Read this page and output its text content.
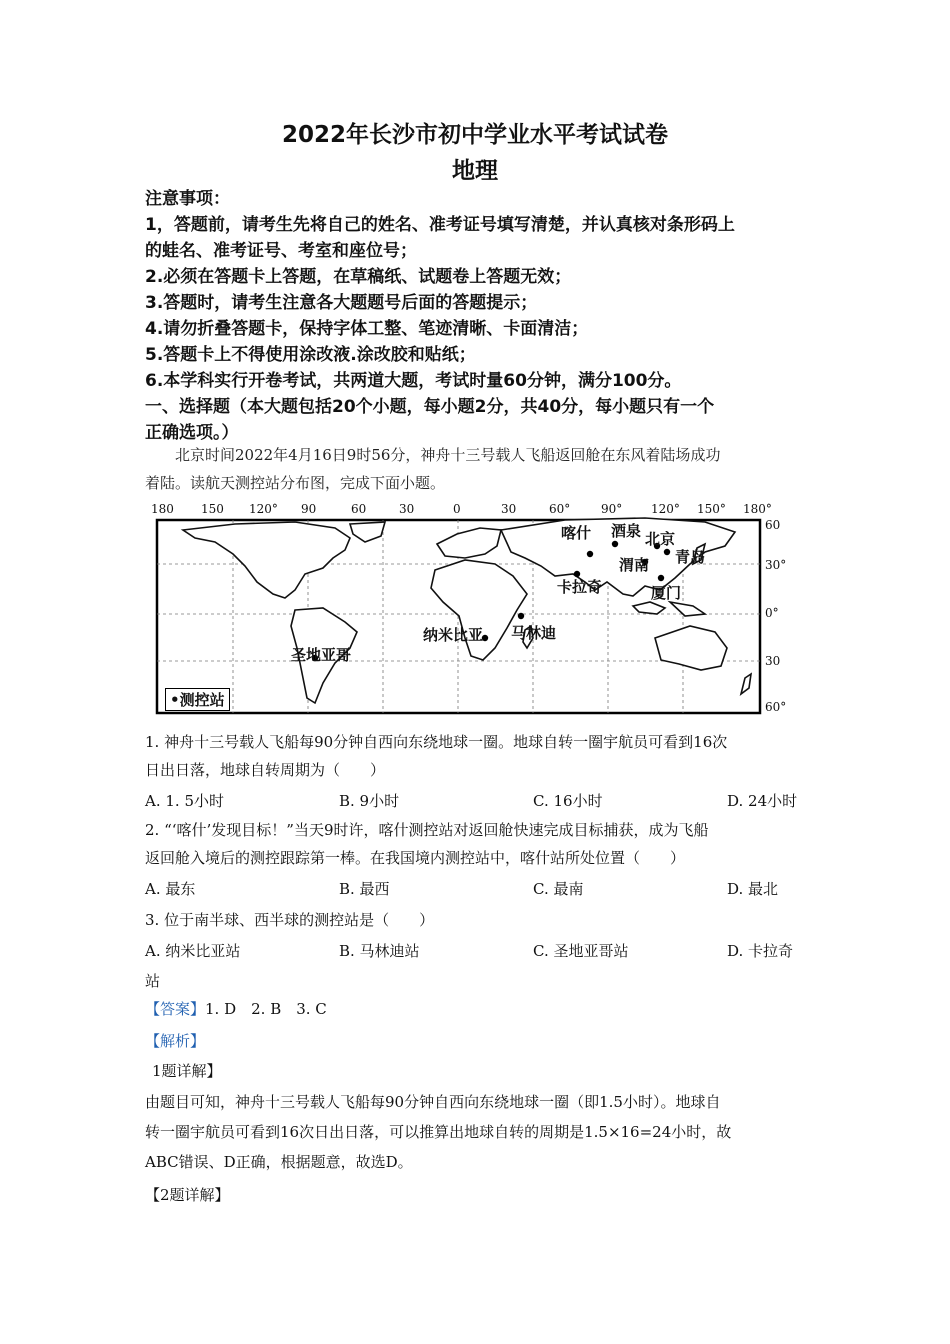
2022年长沙市初中学业水平考试试卷
地理
注意事项：
1，答题前，请考生先将自己的姓名、准考证号填写清楚，并认真核对条形码上
的蛙名、准考证号、考室和座位号；
2.必须在答题卡上答题，在草稿纸、试题卷上答题无效；
3.答题时，请考生注意各大题题号后面的答题提示；
4.请勿折叠答题卡，保持字体工整、笔迹清晰、卡面清洁；
5.答题卡上不得使用涂改液.涂改胶和贴纸；
6.本学科实行开卷考试，共两道大题，考试时量60分钟，满分100分。
一、选择题（本大题包括20个小题，每小题2分，共40分，每小题只有一个
正确选项。）
北京时间2022年4月16日9时56分，神舟十三号载人飞船返回舱在东风着陆场成功
着陆。读航天测控站分布图，完成下面小题。
180 150 120° 90	60	30	0	30	60°	90° 120° 150° 180°
60
30°
0°
30
60°
喀什 酒泉 北京
青岛
渭南
卡拉奇	厦门
纳米比亚 马林迪
圣地亚哥
•测控站
1. 神舟十三号载人飞船每90分钟自西向东绕地球一圈。地球自转一圈宇航员可看到16次
日出日落，地球自转周期为（　　）
A. 1. 5小时	B. 9小时	C. 16小时	D. 24小时
2. “‘喀什’发现目标！”当天9时许，喀什测控站对返回舱快速完成目标捕获，成为飞船
返回舱入境后的测控跟踪第一棒。在我国境内测控站中，喀什站所处位置（　　）
A. 最东	B. 最西	C. 最南	D. 最北
3. 位于南半球、西半球的测控站是（　　）
A. 纳米比亚站	B. 马林迪站	C. 圣地亚哥站	D. 卡拉奇
站
【答案】1. D　2. B　3. C
【解析】
1题详解】
由题目可知，神舟十三号载人飞船每90分钟自西向东绕地球一圈（即1.5小时）。地球自
转一圈宇航员可看到16次日出日落，可以推算出地球自转的周期是1.5×16=24小时，故
ABC错误、D正确，根据题意，故选D。
【2题详解】
